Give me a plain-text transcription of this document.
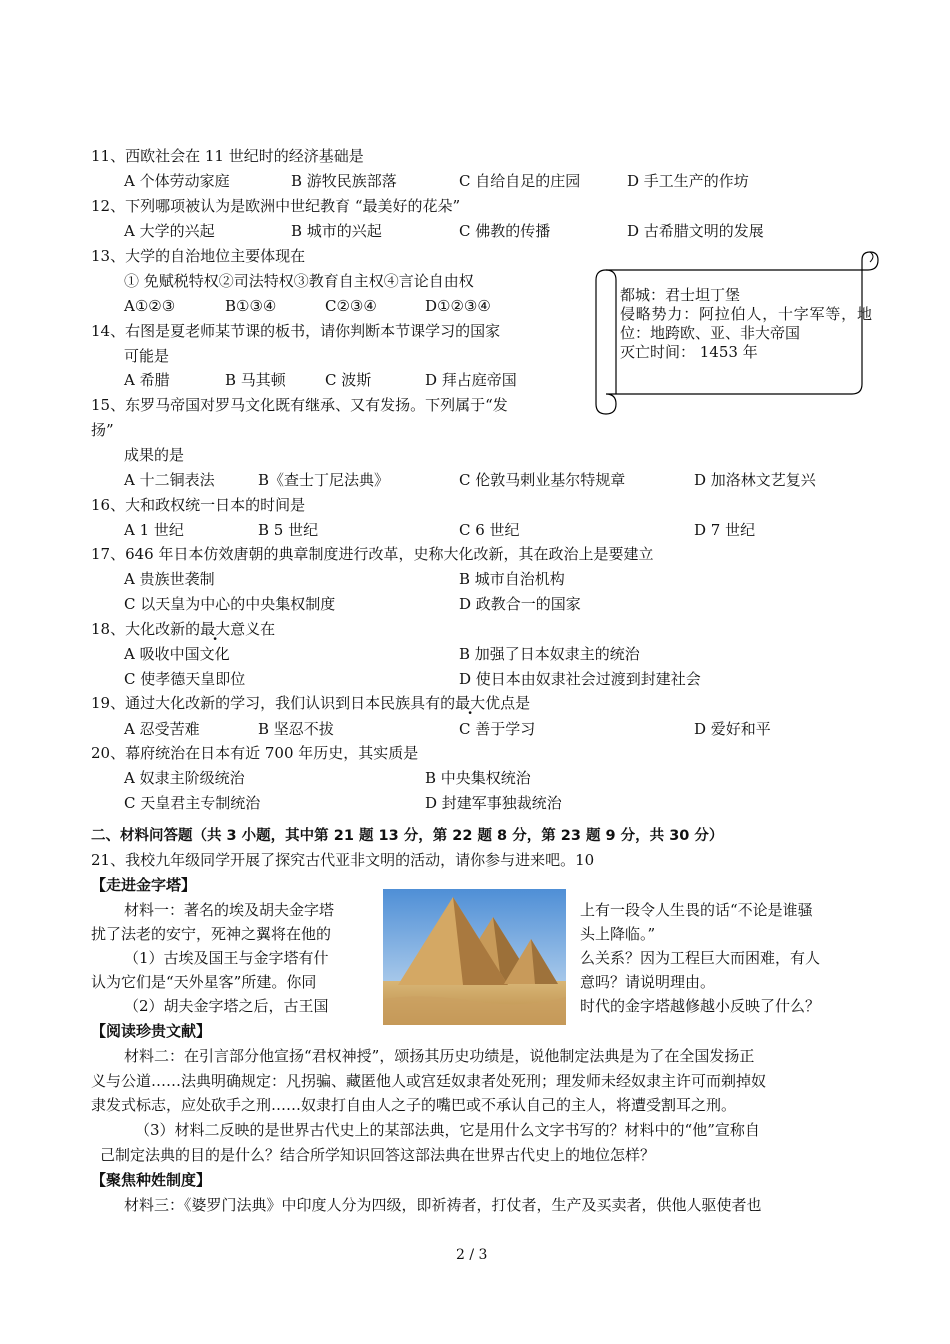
11、西欧社会在 11 世纪时的经济基础是
A 个体劳动家庭	B 游牧民族部落	C 自给自足的庄园	D 手工生产的作坊
12、下列哪项被认为是欧洲中世纪教育 “最美好的花朵”
A 大学的兴起	B 城市的兴起	C 佛教的传播	D 古希腊文明的发展
13、大学的自治地位主要体现在
① 免赋税特权②司法特权③教育自主权④言论自由权
A①②③	B①③④	C②③④	D①②③④
14、右图是夏老师某节课的板书，请你判断本节课学习的国家
可能是
A 希腊	B 马其顿	C 波斯	D 拜占庭帝国
都城：君士坦丁堡
侵略势力：阿拉伯人，十字军等，地位：地跨欧、亚、非大帝国
灭亡时间： 1453 年
15、东罗马帝国对罗马文化既有继承、又有发扬。下列属于“发
扬”
成果的是
A 十二铜表法	B《查士丁尼法典》	C 伦敦马剌业基尔特规章	D 加洛林文艺复兴
16、大和政权统一日本的时间是
A 1 世纪	B 5 世纪	C 6 世纪	D 7 世纪
17、646 年日本仿效唐朝的典章制度进行改革，史称大化改新，其在政治上是要建立
A 贵族世袭制	B 城市自治机构
C 以天皇为中心的中央集权制度	D 政教合一的国家
18、大化改新的最大意义在
A 吸收中国文化	B 加强了日本奴隶主的统治
C 使孝德天皇即位	D 使日本由奴隶社会过渡到封建社会
19、通过大化改新的学习，我们认识到日本民族具有的最大优点是
A 忍受苦难	B 坚忍不拔	C 善于学习	D 爱好和平
20、幕府统治在日本有近 700 年历史，其实质是
A 奴隶主阶级统治	B 中央集权统治
C 天皇君主专制统治	D 封建军事独裁统治
二、材料问答题（共 3 小题，其中第 21 题 13 分，第 22 题 8 分，第 23 题 9 分，共 30 分）
21、我校九年级同学开展了探究古代亚非文明的活动，请你参与进来吧。10
【走进金字塔】
材料一：著名的埃及胡夫金字塔	上有一段令人生畏的话“不论是谁骚
扰了法老的安宁，死神之翼将在他的	头上降临。”
（1）古埃及国王与金字塔有什	么关系？因为工程巨大而困难，有人
认为它们是“天外星客”所建。你同	意吗？请说明理由。
（2）胡夫金字塔之后，古王国	时代的金字塔越修越小反映了什么？
【阅读珍贵文献】
材料二：在引言部分他宣扬“君权神授”，颂扬其历史功绩是，说他制定法典是为了在全国发扬正
义与公道……法典明确规定：凡拐骗、藏匿他人或宫廷奴隶者处死刑；理发师未经奴隶主许可而剃掉奴
隶发式标志，应处砍手之刑……奴隶打自由人之子的嘴巴或不承认自己的主人，将遭受割耳之刑。
（3）材料二反映的是世界古代史上的某部法典，它是用什么文字书写的？材料中的“他”宣称自
己制定法典的目的是什么？结合所学知识回答这部法典在世界古代史上的地位怎样？
【聚焦种姓制度】
材料三：《婆罗门法典》中印度人分为四级，即祈祷者，打仗者，生产及买卖者，供他人驱使者也
2 / 3
